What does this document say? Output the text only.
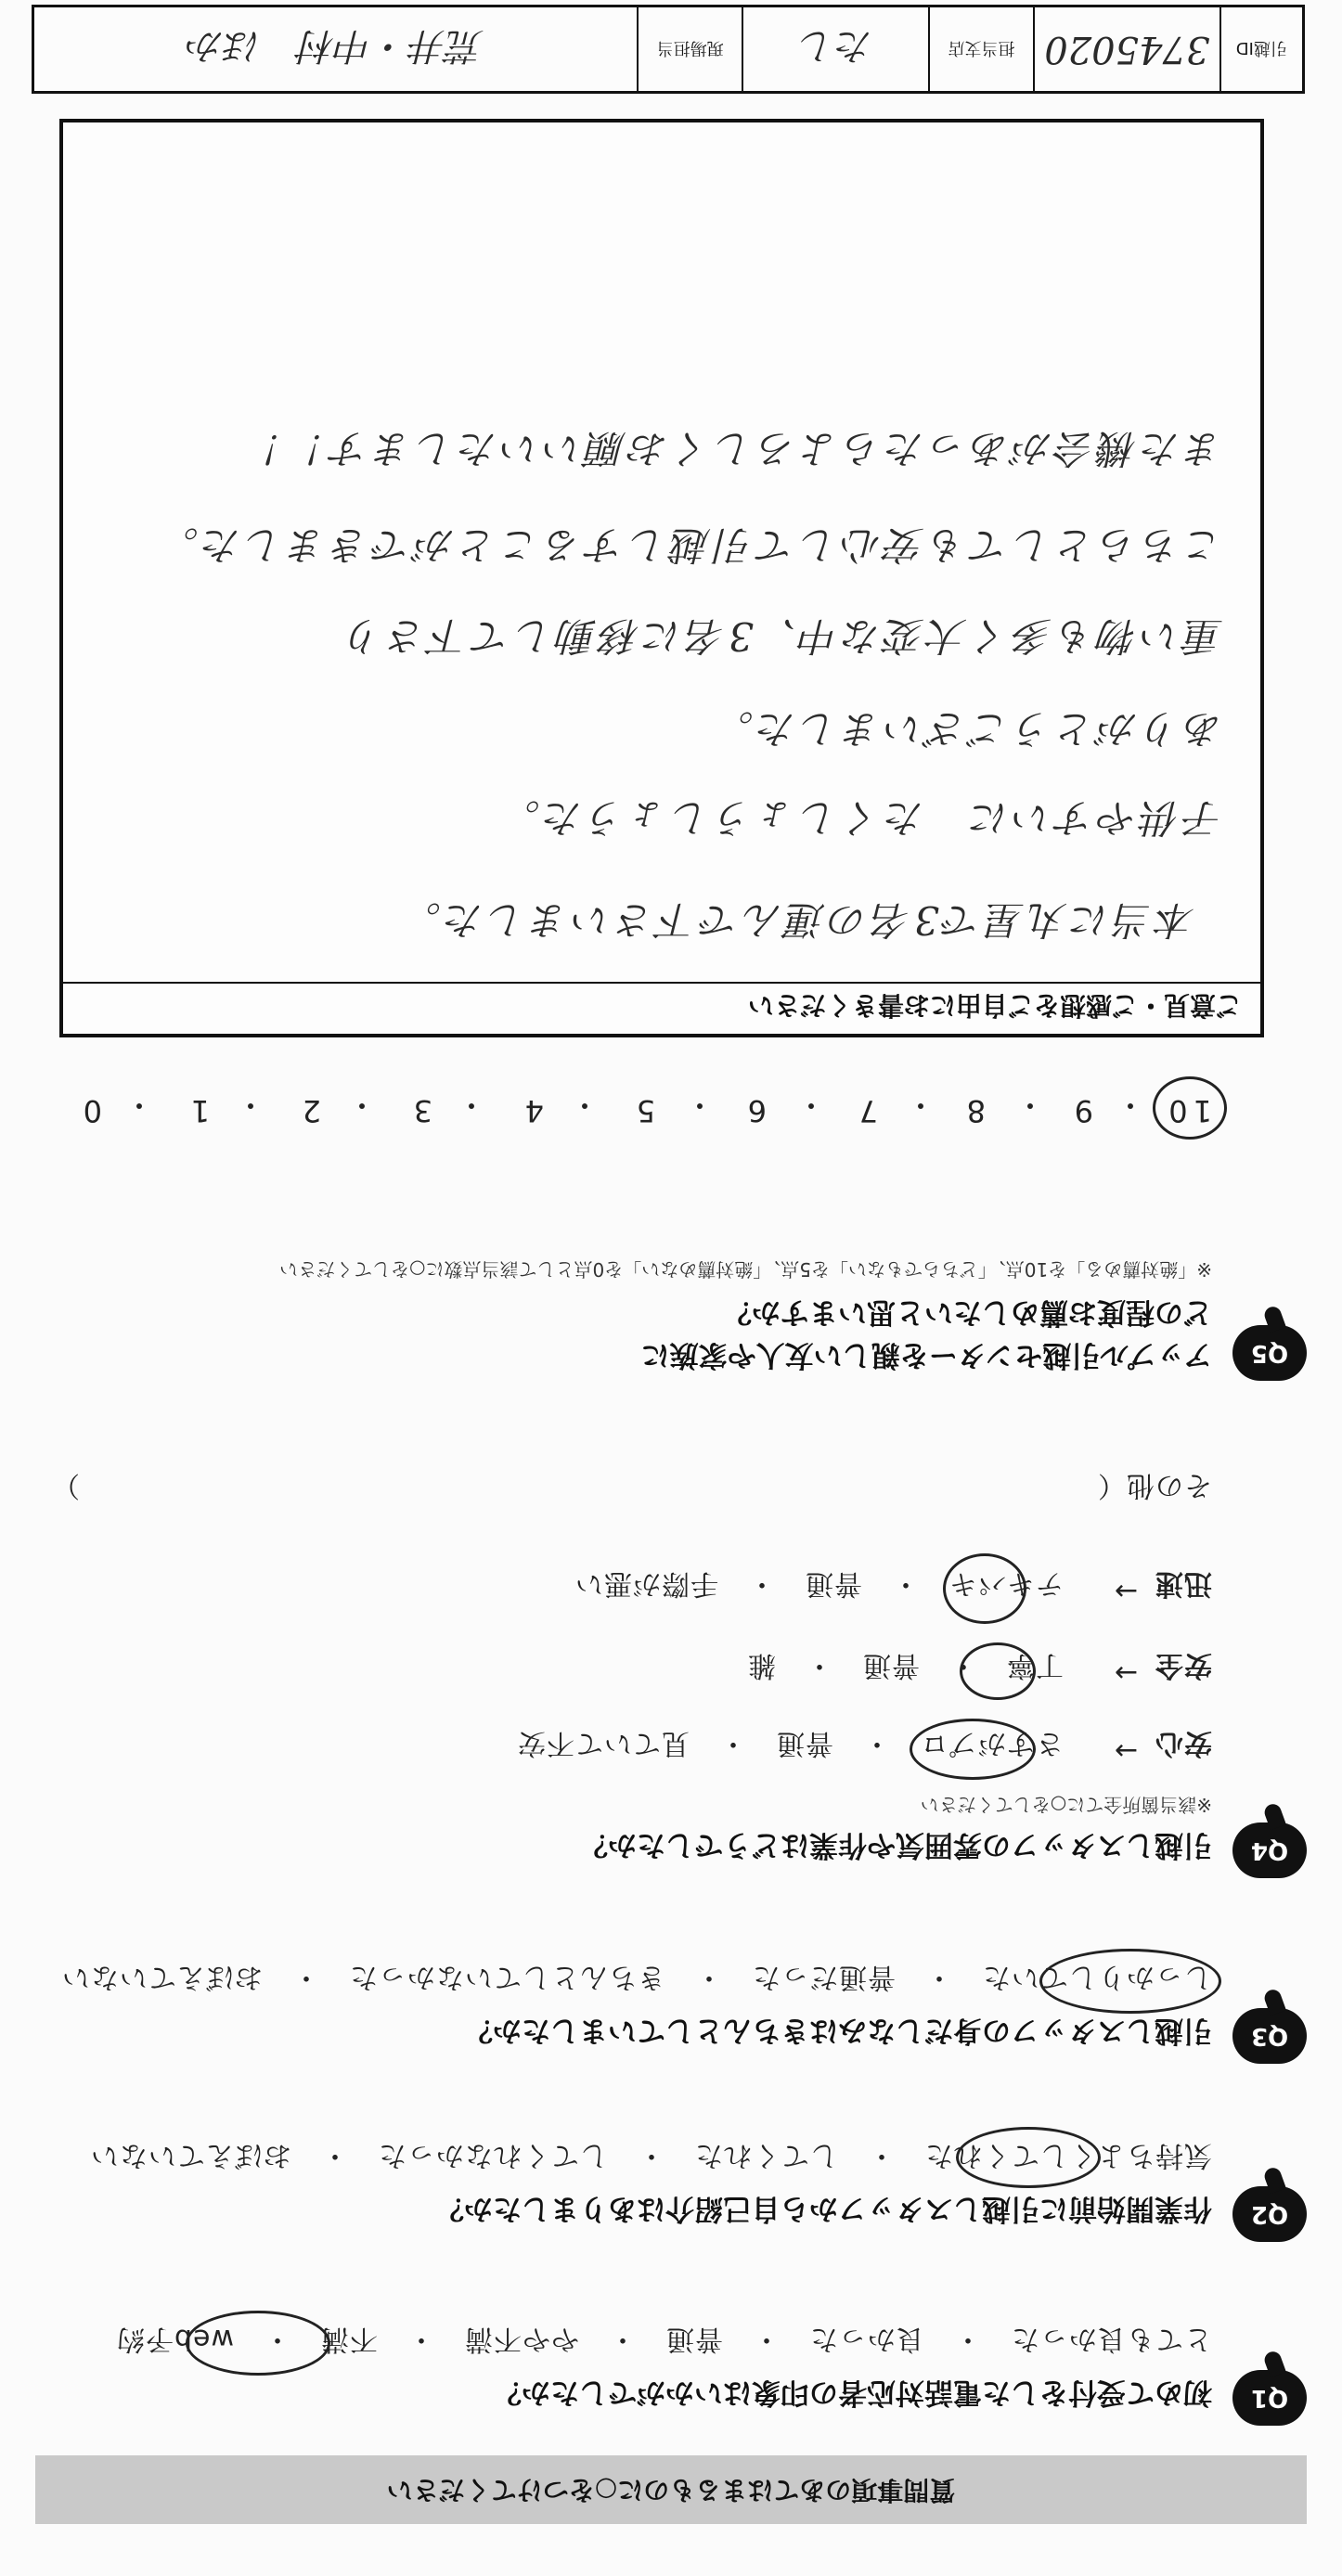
質問事項のあてはまるものに○をつけてください
Q1
初めて受付をした電話対応者の印象はいかがでしたか？
とても良かった　・　良かった　・　普通　・　やや不満　・　不満　・　web予約
Q2
作業開始前に引越しスタッフから自己紹介はありましたか？
気持ちよくしてくれた　・　してくれた　・　してくれなかった　・　おぼえていない
Q3
引越しスタッフの身だしなみはきちんとしていましたか？
しっかりしていた　・　普通だった　・　きちんとしていなかった　・　おぼえていない
Q4
引越しスタッフの雰囲気や作業はどうでしたか？
※該当箇所全てに○をしてください
安心
→
さすがプロ　・　普通　・　見ていて不安
安全
→
丁寧　・　普通　・　雑
迅速
→
テキパキ　・　普通　・　手際が悪い
その他（
）
Q5
アップル引越センターを親しい友人や家族に
どの程度お薦めしたいと思いますか？
※「絶対薦める」を10点、「どちらでもない」を5点、「絶対薦めない」を0点として該当点数に○をしてください
10
・
9
・
8
・
7
・
6
・
5
・
4
・
3
・
2
・
1
・
0
ご意見・ご感想をご自由にお書きください
本当に丸星で3名の運んで下さいました。
子供やすいに　たくしょうしょうた。
ありがとうございました。
重い物も多く大変な中、3名に移動して下さり
こちらとしても安心して引越しすることができました。
また機会があったらよろしくお願いいたします！！
引越ID
3745020
担当支店
たし
現場担当
荒井・中村　ほか
